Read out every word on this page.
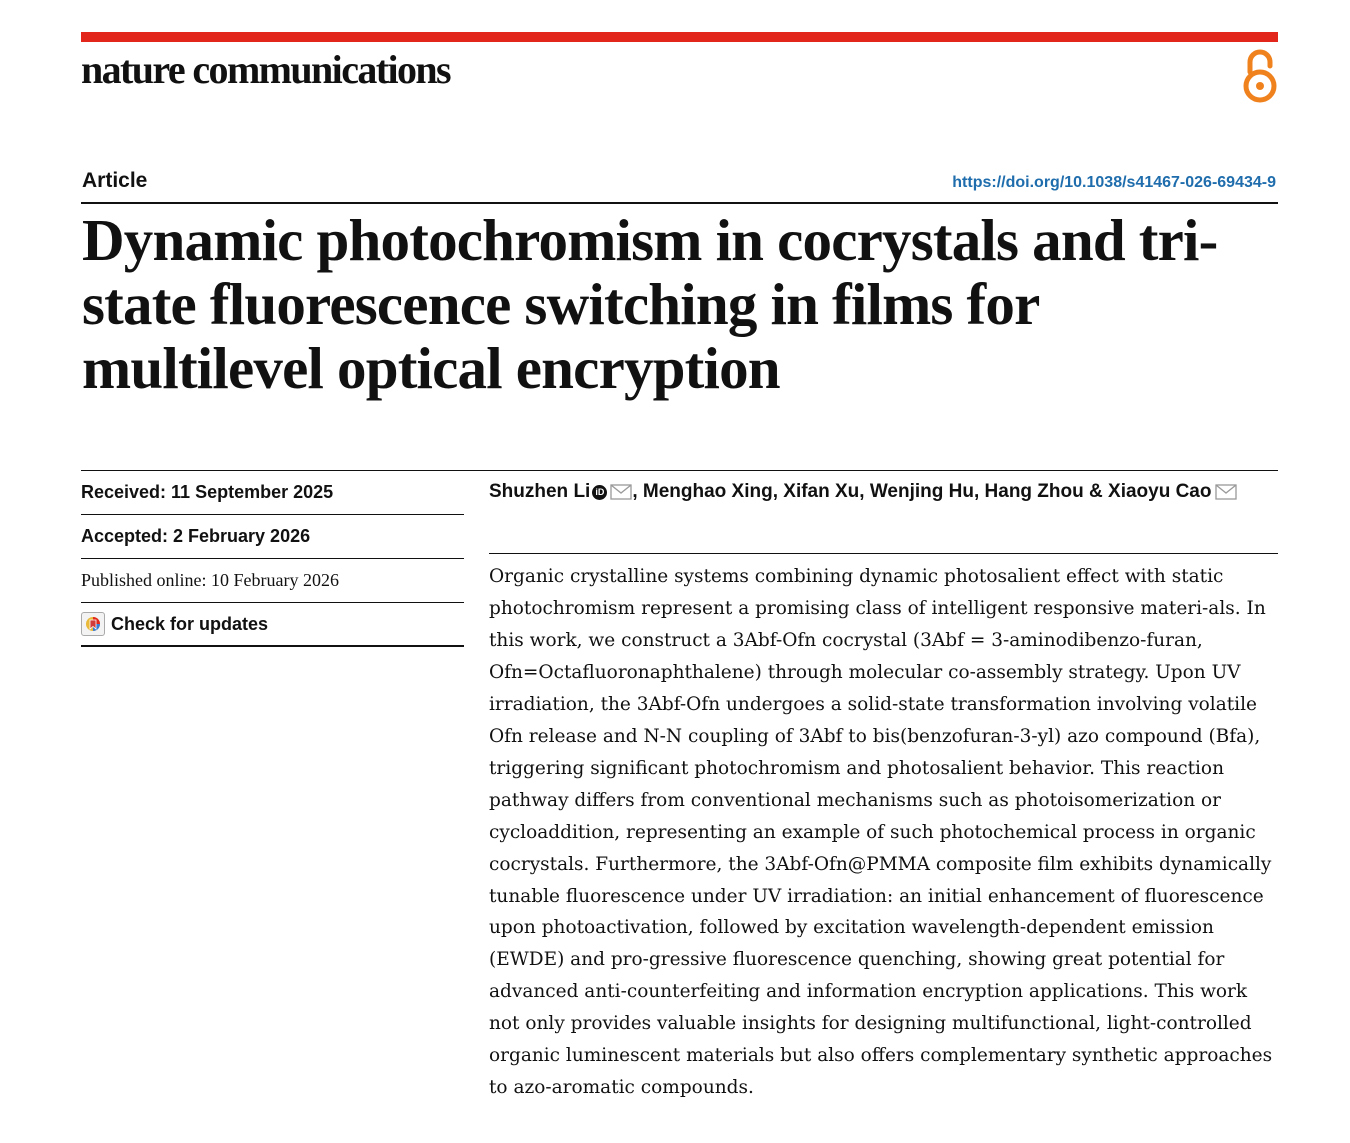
nature communications
Article	https://doi.org/10.1038/s41467-026-69434-9
Dynamic photochromism in cocrystals and tri-state fluorescence switching in films for multilevel optical encryption
Received: 11 September 2025
Accepted: 2 February 2026
Published online: 10 February 2026
Check for updates
Shuzhen Li iD , Menghao Xing, Xifan Xu, Wenjing Hu, Hang Zhou & Xiaoyu Cao

Organic crystalline systems combining dynamic photosalient effect with static photochromism represent a promising class of intelligent responsive materi-als. In this work, we construct a 3Abf-Ofn cocrystal (3Abf = 3-aminodibenzo-furan, Ofn=Octafluoronaphthalene) through molecular co-assembly strategy. Upon UV irradiation, the 3Abf-Ofn undergoes a solid-state transformation involving volatile Ofn release and N-N coupling of 3Abf to bis(benzofuran-3-yl) azo compound (Bfa), triggering significant photochromism and photosalient behavior. This reaction pathway differs from conventional mechanisms such as photoisomerization or cycloaddition, representing an example of such photochemical process in organic cocrystals. Furthermore, the 3Abf-Ofn@PMMA composite film exhibits dynamically tunable fluorescence under UV irradiation: an initial enhancement of fluorescence upon photoactivation, followed by excitation wavelength-dependent emission (EWDE) and pro-gressive fluorescence quenching, showing great potential for advanced anti-counterfeiting and information encryption applications. This work not only provides valuable insights for designing multifunctional, light-controlled organic luminescent materials but also offers complementary synthetic approaches to azo-aromatic compounds.
